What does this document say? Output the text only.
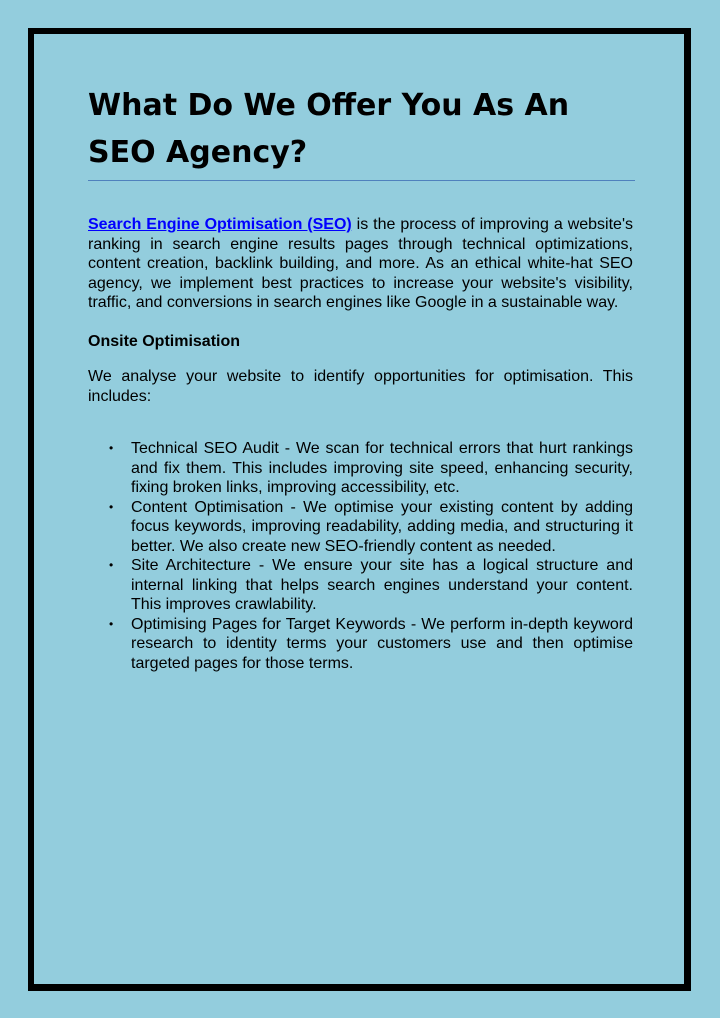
What Do We Offer You As An SEO Agency?

Search Engine Optimisation (SEO) is the process of improving a website's ranking in search engine results pages through technical optimizations, content creation, backlink building, and more. As an ethical white-hat SEO agency, we implement best practices to increase your website's visibility, traffic, and conversions in search engines like Google in a sustainable way.

Onsite Optimisation

We analyse your website to identify opportunities for optimisation. This includes:

• Technical SEO Audit - We scan for technical errors that hurt rankings and fix them. This includes improving site speed, enhancing security, fixing broken links, improving accessibility, etc.
• Content Optimisation - We optimise your existing content by adding focus keywords, improving readability, adding media, and structuring it better. We also create new SEO-friendly content as needed.
• Site Architecture - We ensure your site has a logical structure and internal linking that helps search engines understand your content. This improves crawlability.
• Optimising Pages for Target Keywords - We perform in-depth keyword research to identity terms your customers use and then optimise targeted pages for those terms.
